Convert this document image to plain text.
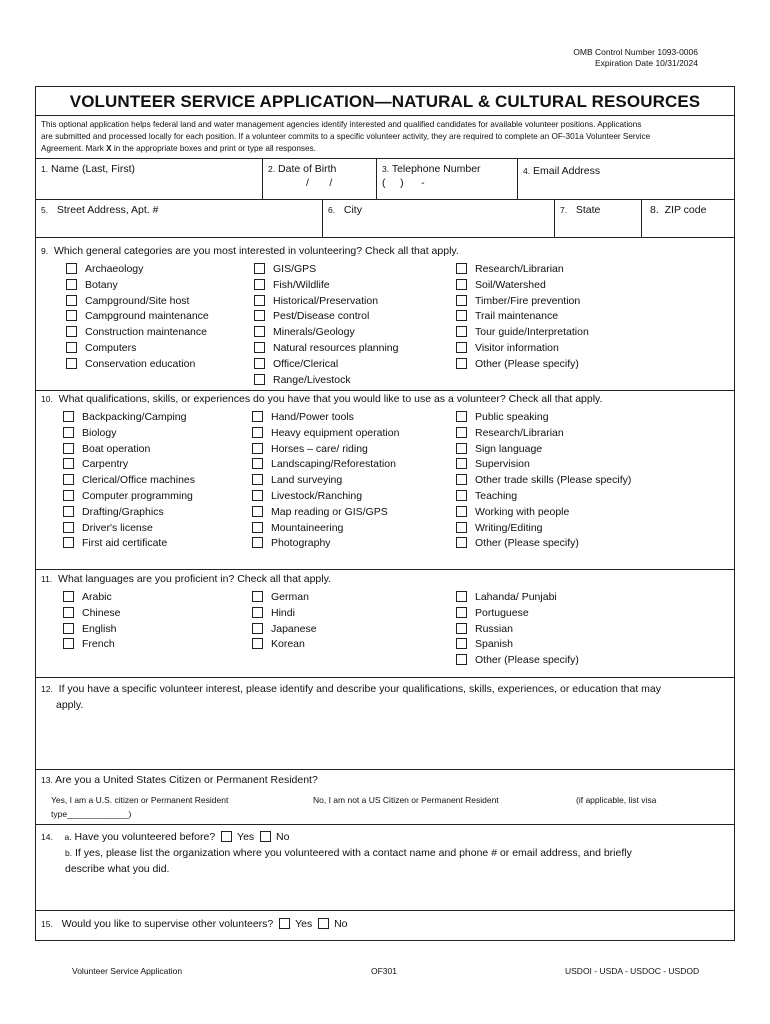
OMB Control Number 1093-0006
Expiration Date 10/31/2024
VOLUNTEER SERVICE APPLICATION—NATURAL & CULTURAL RESOURCES
This optional application helps federal land and water management agencies identify interested and qualified candidates for available volunteer positions. Applications
are submitted and processed locally for each position. If a volunteer commits to a specific volunteer activity, they are required to complete an OF-301a Volunteer Service
Agreement. Mark X in the appropriate boxes and print or type all responses.
1. Name (Last, First)	2. Date of Birth
/       /
3. Telephone Number
(     )      -
4. Email Address
5. Street Address, Apt. #	6. City	7. State	8. ZIP code
9. Which general categories are you most interested in volunteering? Check all that apply.
Archaeology
Botany
Campground/Site host
Campground maintenance
Construction maintenance
Computers
Conservation education
GIS/GPS
Fish/Wildlife
Historical/Preservation
Pest/Disease control
Minerals/Geology
Natural resources planning
Office/Clerical
Range/Livestock
Research/Librarian
Soil/Watershed
Timber/Fire prevention
Trail maintenance
Tour guide/Interpretation
Visitor information
Other (Please specify)
10. What qualifications, skills, or experiences do you have that you would like to use as a volunteer? Check all that apply.
Backpacking/Camping
Biology
Boat operation
Carpentry
Clerical/Office machines
Computer programming
Drafting/Graphics
Driver's license
First aid certificate
Hand/Power tools
Heavy equipment operation
Horses – care/ riding
Landscaping/Reforestation
Land surveying
Livestock/Ranching
Map reading or GIS/GPS
Mountaineering
Photography
Public speaking
Research/Librarian
Sign language
Supervision
Other trade skills (Please specify)
Teaching
Working with people
Writing/Editing
Other (Please specify)
11. What languages are you proficient in? Check all that apply.
Arabic
Chinese
English
French
German
Hindi
Japanese
Korean
Lahanda/ Punjabi
Portuguese
Russian
Spanish
Other (Please specify)
12. If you have a specific volunteer interest, please identify and describe your qualifications, skills, experiences, or education that may
apply.
13. Are you a United States Citizen or Permanent Resident?
Yes, I am a U.S. citizen or Permanent Resident	No, I am not a US Citizen or Permanent Resident	(if applicable, list visa
type_____________)
14. a. Have you volunteered before? Yes No
b. If yes, please list the organization where you volunteered with a contact name and phone # or email address, and briefly
describe what you did.
15. Would you like to supervise other volunteers? Yes No
Volunteer Service Application	OF301	USDOI - USDA - USDOC - USDOD
